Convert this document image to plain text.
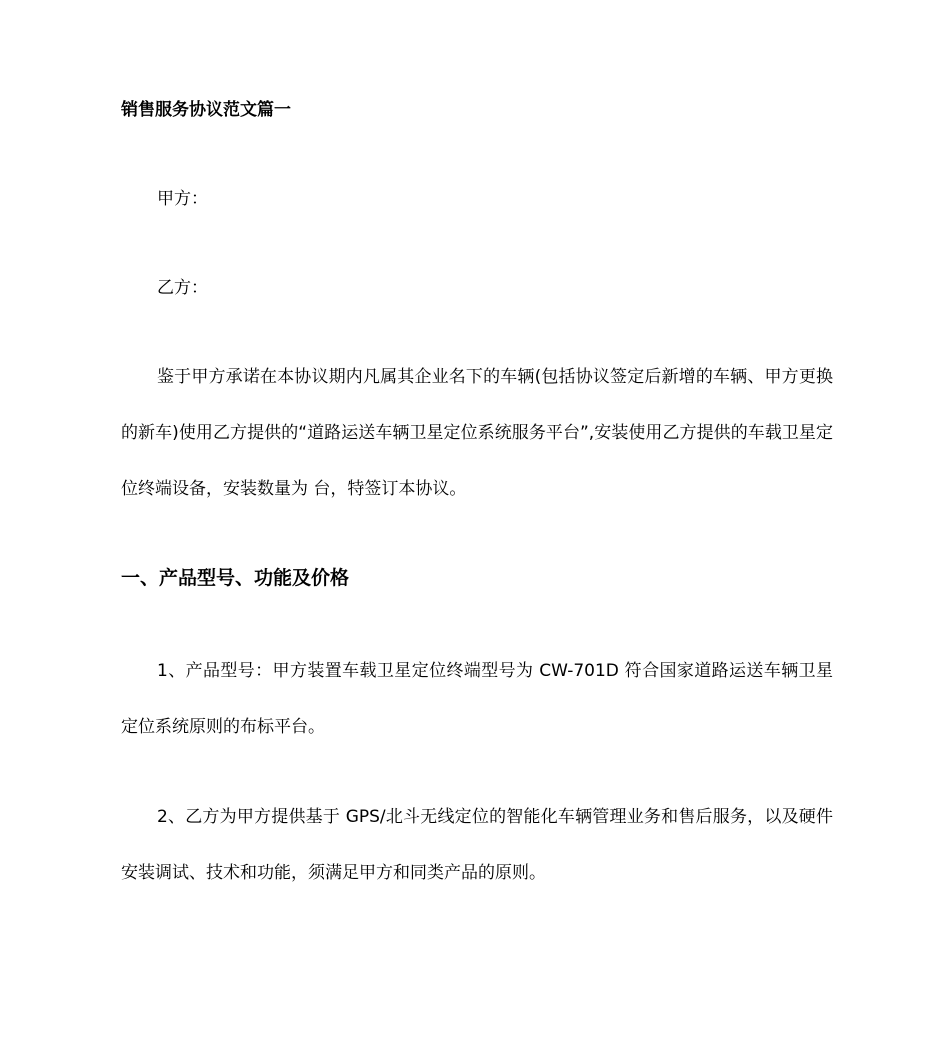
销售服务协议范文篇一
甲方：
乙方：

鉴于甲方承诺在本协议期内凡属其企业名下的车辆(包括协议签定后新增的车辆、甲方更换的新车)使用乙方提供的“道路运送车辆卫星定位系统服务平台”,安装使用乙方提供的车载卫星定位终端设备，安装数量为 台，特签订本协议。

一、产品型号、功能及价格

1、产品型号：甲方装置车载卫星定位终端型号为 CW-701D 符合国家道路运送车辆卫星定位系统原则的布标平台。

2、乙方为甲方提供基于 GPS/北斗无线定位的智能化车辆管理业务和售后服务，以及硬件安装调试、技术和功能，须满足甲方和同类产品的原则。
